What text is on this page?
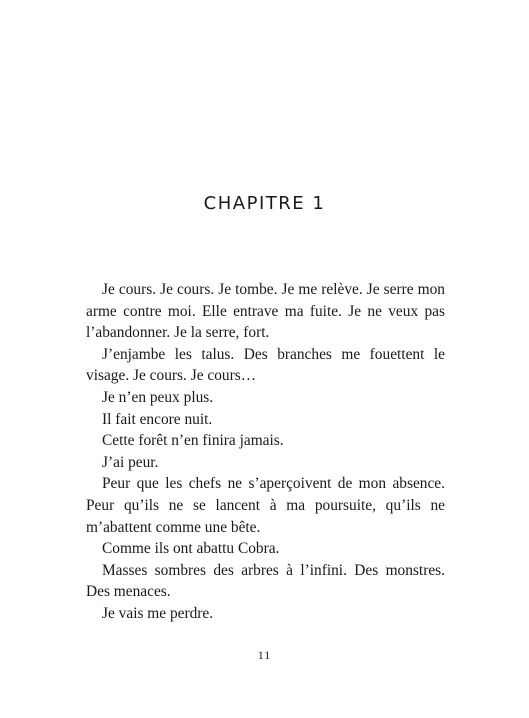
CHAPITRE 1

Je cours. Je cours. Je tombe. Je me relève. Je serre mon arme contre moi. Elle entrave ma fuite. Je ne veux pas l’abandonner. Je la serre, fort.

J’enjambe les talus. Des branches me fouettent le visage. Je cours. Je cours…

Je n’en peux plus.

Il fait encore nuit.

Cette forêt n’en finira jamais.

J’ai peur.

Peur que les chefs ne s’aperçoivent de mon absence. Peur qu’ils ne se lancent à ma poursuite, qu’ils ne m’abattent comme une bête.

Comme ils ont abattu Cobra.

Masses sombres des arbres à l’infini. Des monstres. Des menaces.

Je vais me perdre.

11
